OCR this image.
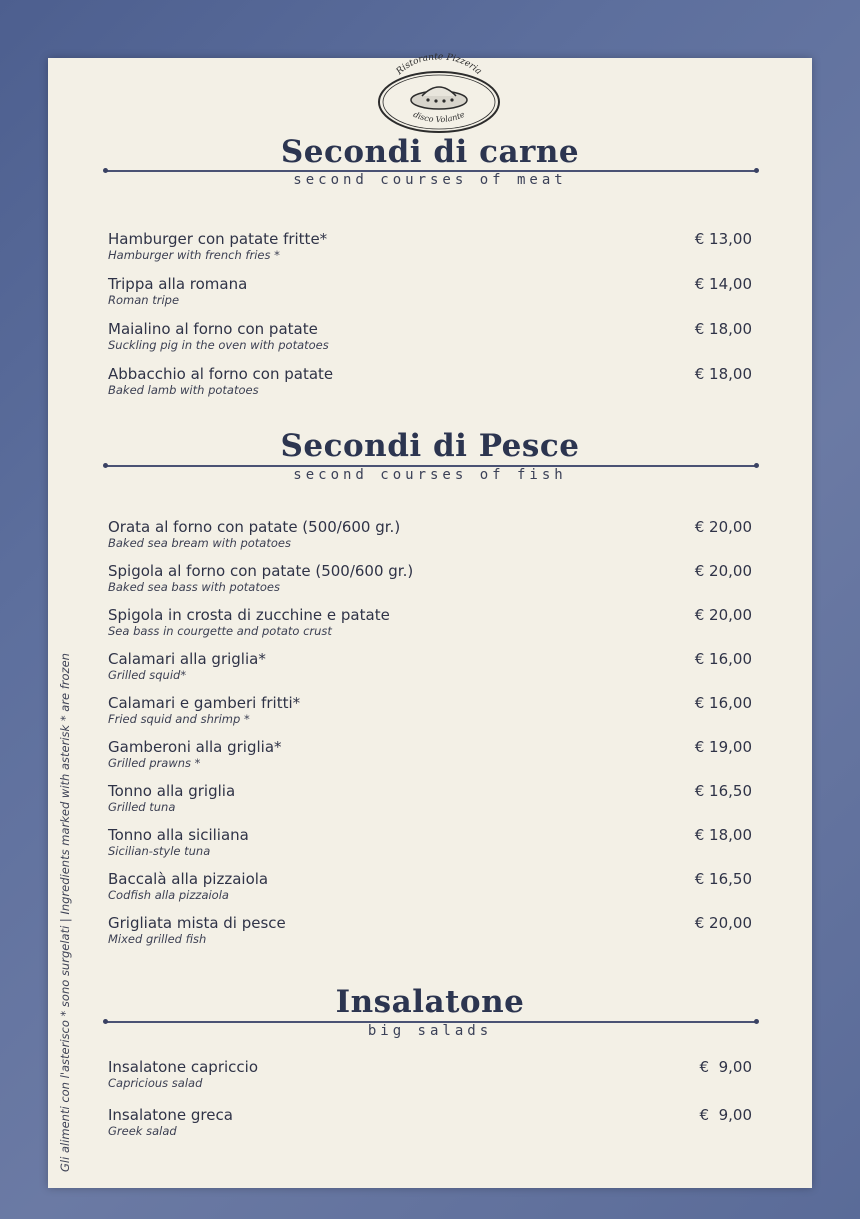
Ristorante Pizzeria
disco Volante
Secondi di carne
second courses of meat
Hamburger con patate fritte*
Hamburger with french fries *
€ 13,00
Trippa alla romana
Roman tripe
€ 14,00
Maialino al forno con patate
Suckling pig in the oven with potatoes
€ 18,00
Abbacchio al forno con patate
Baked lamb with potatoes
€ 18,00
Secondi di Pesce
second courses of fish
Orata al forno con patate (500/600 gr.)
Baked sea bream with potatoes
€ 20,00
Spigola al forno con patate (500/600 gr.)
Baked sea bass with potatoes
€ 20,00
Spigola in crosta di zucchine e patate
Sea bass in courgette and potato crust
€ 20,00
Calamari alla griglia*
Grilled squid*
€ 16,00
Calamari e gamberi fritti*
Fried squid and shrimp *
€ 16,00
Gamberoni alla griglia*
Grilled prawns *
€ 19,00
Tonno alla griglia
Grilled tuna
€ 16,50
Tonno alla siciliana
Sicilian-style tuna
€ 18,00
Baccalà alla pizzaiola
Codfish alla pizzaiola
€ 16,50
Grigliata mista di pesce
Mixed grilled fish
€ 20,00
Insalatone
big salads
Insalatone capriccio
Capricious salad
€  9,00
Insalatone greca
Greek salad
€  9,00
Gli alimenti con l'asterisco * sono surgelati | Ingredients marked with asterisk * are frozen
